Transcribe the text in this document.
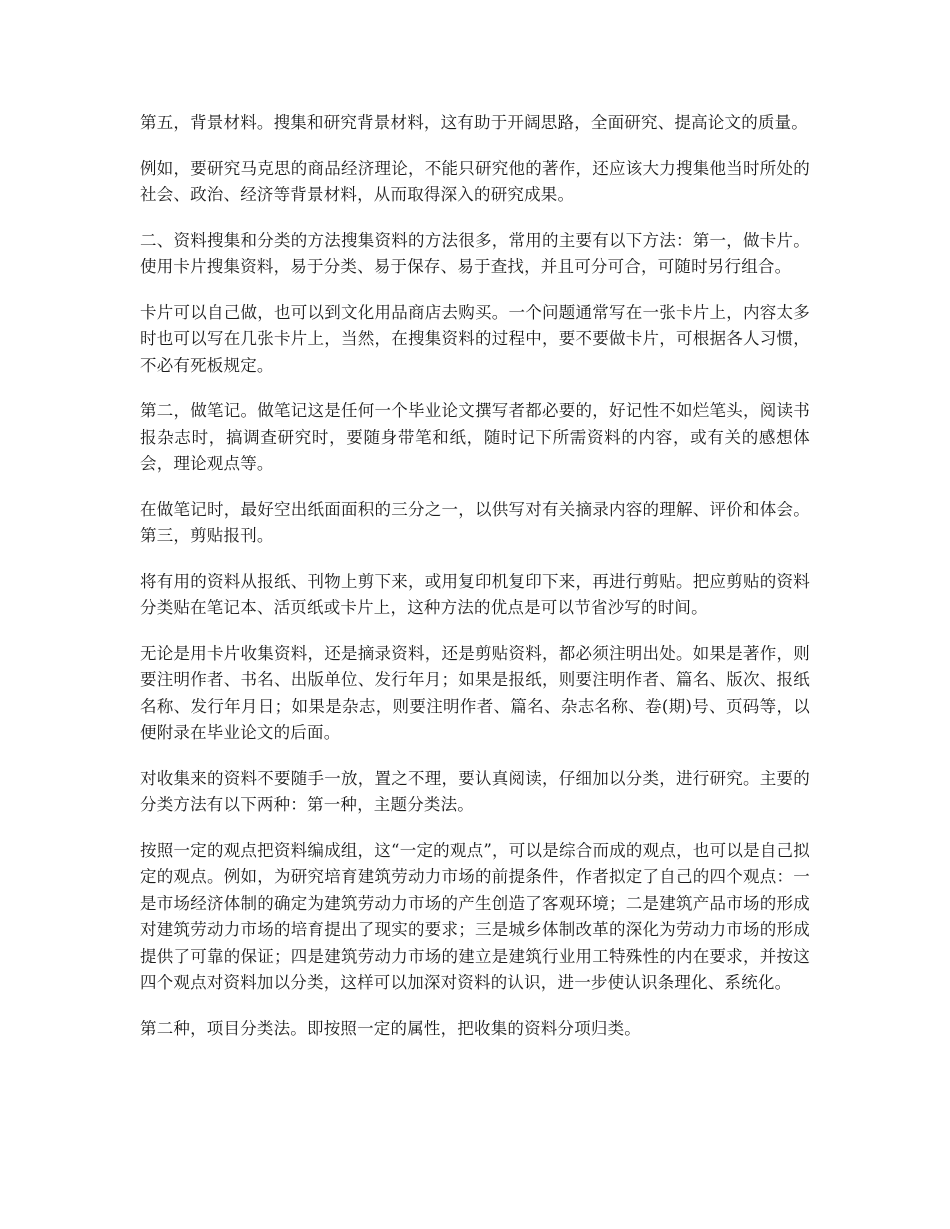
第五，背景材料。搜集和研究背景材料，这有助于开阔思路，全面研究、提高论文的质量。

例如，要研究马克思的商品经济理论，不能只研究他的著作，还应该大力搜集他当时所处的社会、政治、经济等背景材料，从而取得深入的研究成果。

二、资料搜集和分类的方法搜集资料的方法很多，常用的主要有以下方法：第一，做卡片。使用卡片搜集资料，易于分类、易于保存、易于查找，并且可分可合，可随时另行组合。

卡片可以自己做，也可以到文化用品商店去购买。一个问题通常写在一张卡片上，内容太多时也可以写在几张卡片上，当然，在搜集资料的过程中，要不要做卡片，可根据各人习惯，不必有死板规定。

第二，做笔记。做笔记这是任何一个毕业论文撰写者都必要的，好记性不如烂笔头，阅读书报杂志时，搞调查研究时，要随身带笔和纸，随时记下所需资料的内容，或有关的感想体会，理论观点等。

在做笔记时，最好空出纸面面积的三分之一，以供写对有关摘录内容的理解、评价和体会。第三，剪贴报刊。

将有用的资料从报纸、刊物上剪下来，或用复印机复印下来，再进行剪贴。把应剪贴的资料分类贴在笔记本、活页纸或卡片上，这种方法的优点是可以节省沙写的时间。

无论是用卡片收集资料，还是摘录资料，还是剪贴资料，都必须注明出处。如果是著作，则要注明作者、书名、出版单位、发行年月；如果是报纸，则要注明作者、篇名、版次、报纸名称、发行年月日；如果是杂志，则要注明作者、篇名、杂志名称、卷(期)号、页码等，以便附录在毕业论文的后面。

对收集来的资料不要随手一放，置之不理，要认真阅读，仔细加以分类，进行研究。主要的分类方法有以下两种：第一种，主题分类法。

按照一定的观点把资料编成组，这“一定的观点”，可以是综合而成的观点，也可以是自己拟定的观点。例如，为研究培育建筑劳动力市场的前提条件，作者拟定了自己的四个观点：一是市场经济体制的确定为建筑劳动力市场的产生创造了客观环境；二是建筑产品市场的形成对建筑劳动力市场的培育提出了现实的要求；三是城乡体制改革的深化为劳动力市场的形成提供了可靠的保证；四是建筑劳动力市场的建立是建筑行业用工特殊性的内在要求，并按这四个观点对资料加以分类，这样可以加深对资料的认识，进一步使认识条理化、系统化。

第二种，项目分类法。即按照一定的属性，把收集的资料分项归类。
